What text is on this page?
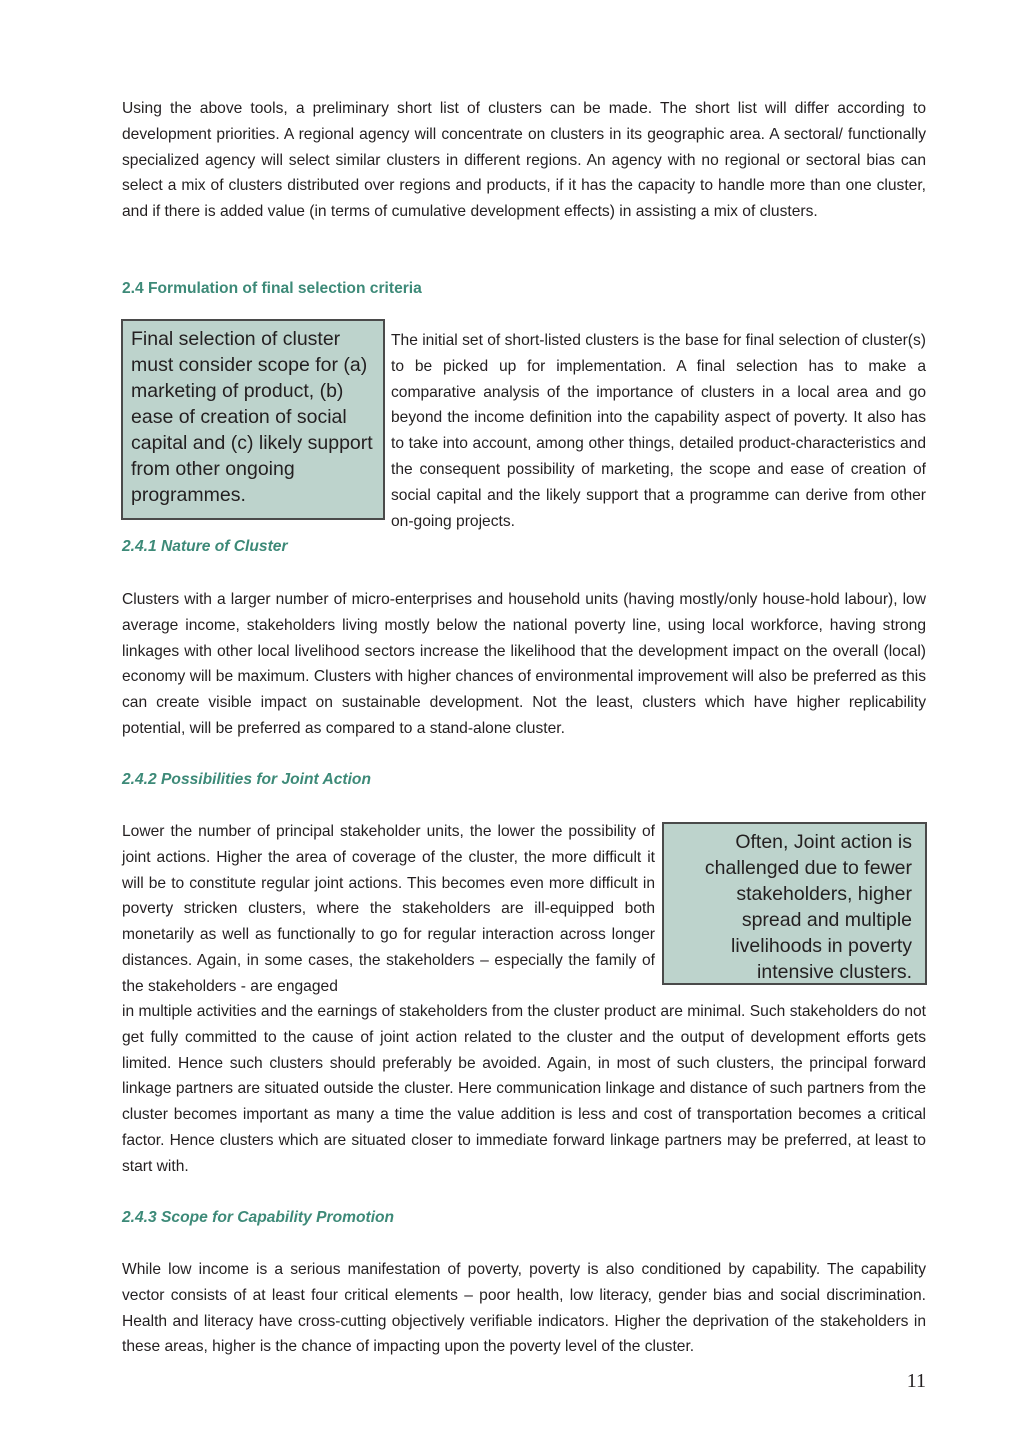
Using the above tools, a preliminary short list of clusters can be made. The short list will differ according to development priorities. A regional agency will concentrate on clusters in its geographic area. A sectoral/ functionally specialized agency will select similar clusters in different regions. An agency with no regional or sectoral bias can select a mix of clusters distributed over regions and products, if it has the capacity to handle more than one cluster, and if there is added value (in terms of cumulative development effects) in assisting a mix of clusters.

2.4 Formulation of final selection criteria
Final selection of cluster must consider scope for (a) marketing of product, (b) ease of creation of social capital and (c) likely support from other ongoing programmes.

The initial set of short-listed clusters is the base for final selection of cluster(s) to be picked up for implementation. A final selection has to make a comparative analysis of the importance of clusters in a local area and go beyond the income definition into the capability aspect of poverty. It also has to take into account, among other things, detailed product-characteristics and the consequent possibility of marketing, the scope and ease of creation of social capital and the likely support that a programme can derive from other on-going projects.

2.4.1 Nature of Cluster

Clusters with a larger number of micro-enterprises and household units (having mostly/only house-hold labour), low average income, stakeholders living mostly below the national poverty line, using local workforce, having strong linkages with other local livelihood sectors increase the likelihood that the development impact on the overall (local) economy will be maximum. Clusters with higher chances of environmental improvement will also be preferred as this can create visible impact on sustainable development. Not the least, clusters which have higher replicability potential, will be preferred as compared to a stand-alone cluster.

2.4.2 Possibilities for Joint Action

Lower the number of principal stakeholder units, the lower the possibility of joint actions. Higher the area of coverage of the cluster, the more difficult it will be to constitute regular joint actions. This becomes even more difficult in poverty stricken clusters, where the stakeholders are ill-equipped both monetarily as well as functionally to go for regular interaction across longer distances. Again, in some cases, the stakeholders – especially the family of the stakeholders - are engaged

Often, Joint action is challenged due to fewer stakeholders, higher spread and multiple livelihoods in poverty intensive clusters.

in multiple activities and the earnings of stakeholders from the cluster product are minimal. Such stakeholders do not get fully committed to the cause of joint action related to the cluster and the output of development efforts gets limited. Hence such clusters should preferably be avoided. Again, in most of such clusters, the principal forward linkage partners are situated outside the cluster. Here communication linkage and distance of such partners from the cluster becomes important as many a time the value addition is less and cost of transportation becomes a critical factor. Hence clusters which are situated closer to immediate forward linkage partners may be preferred, at least to start with.

2.4.3 Scope for Capability Promotion

While low income is a serious manifestation of poverty, poverty is also conditioned by capability. The capability vector consists of at least four critical elements – poor health, low literacy, gender bias and social discrimination. Health and literacy have cross-cutting objectively verifiable indicators. Higher the deprivation of the stakeholders in these areas, higher is the chance of impacting upon the poverty level of the cluster.

11
